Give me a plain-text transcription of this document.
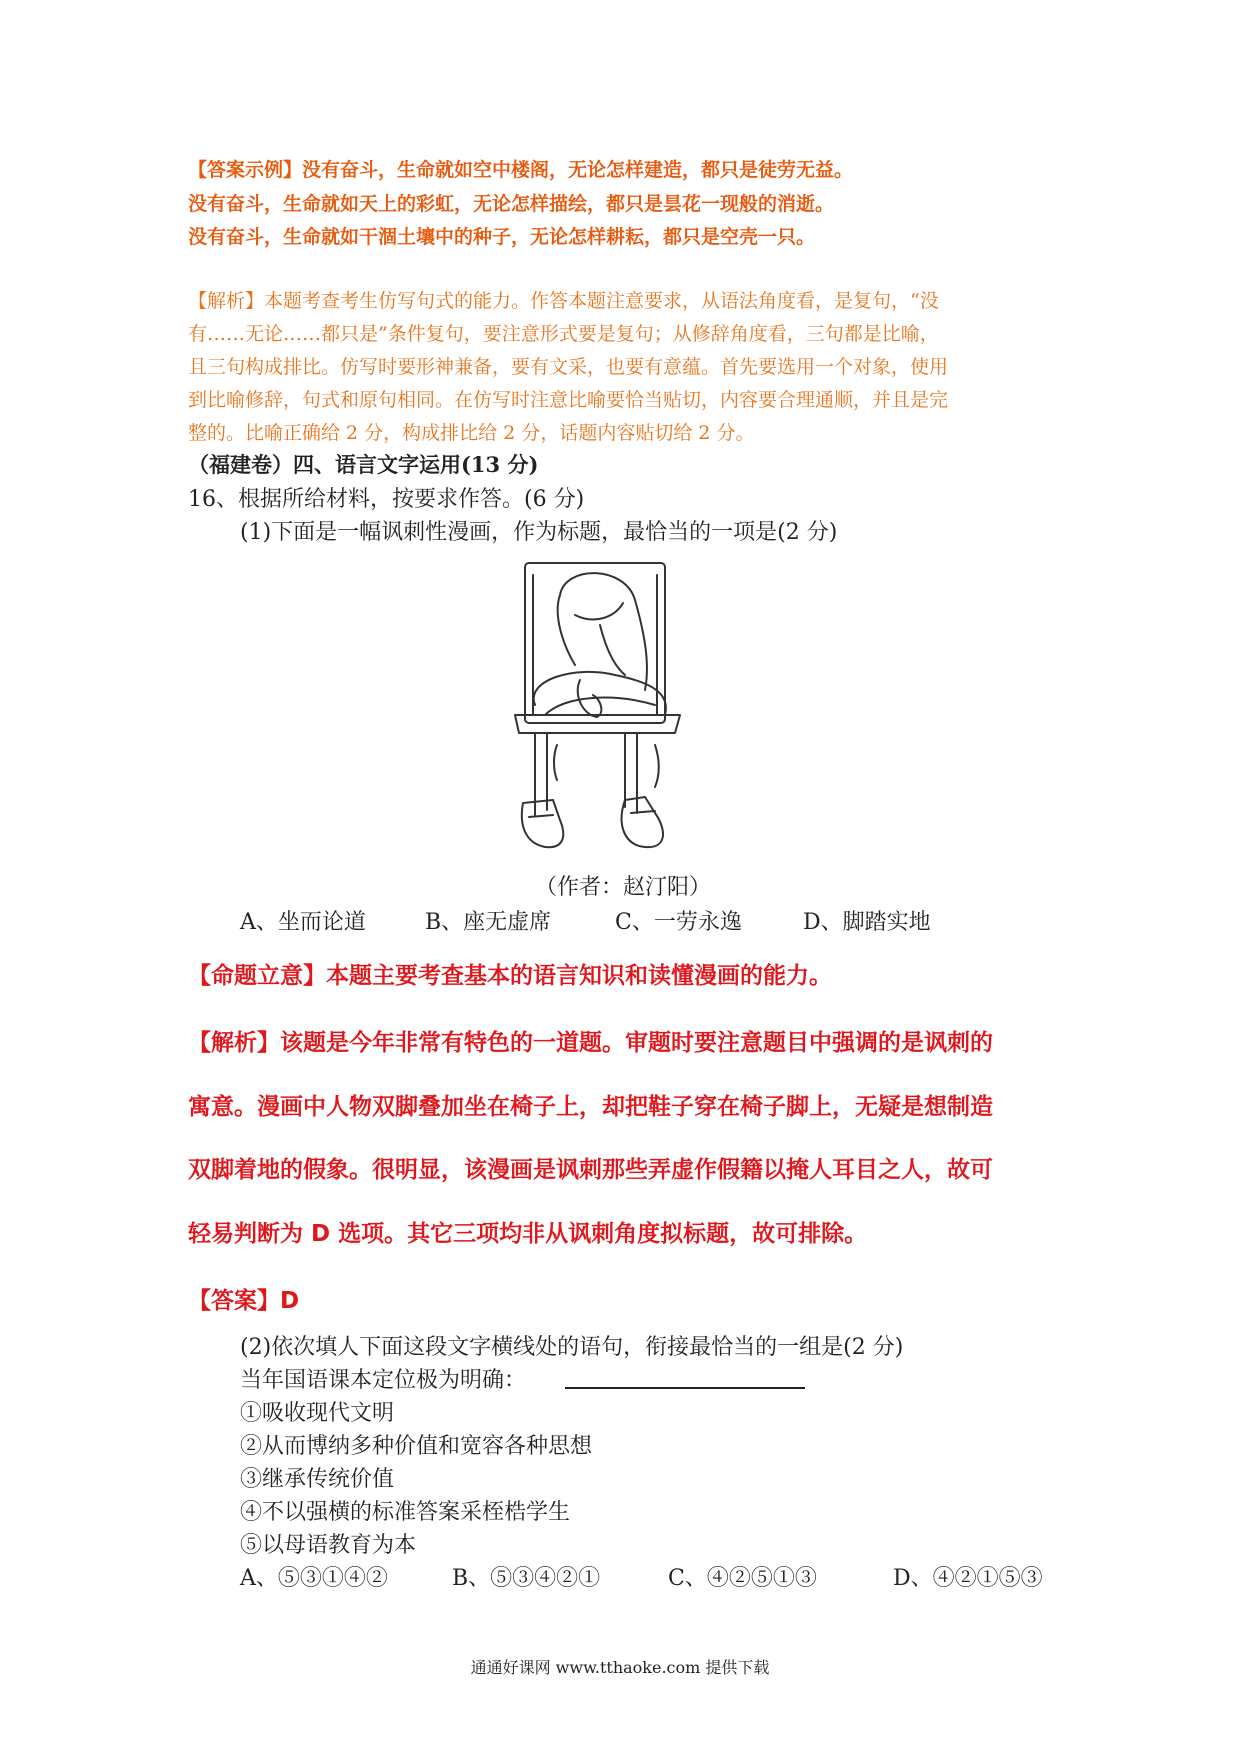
【答案示例】没有奋斗，生命就如空中楼阁，无论怎样建造，都只是徒劳无益。
没有奋斗，生命就如天上的彩虹，无论怎样描绘，都只是昙花一现般的消逝。
没有奋斗，生命就如干涸土壤中的种子，无论怎样耕耘，都只是空壳一只。
【解析】本题考查考生仿写句式的能力。作答本题注意要求，从语法角度看，是复句，“没
有……无论……都只是”条件复句，要注意形式要是复句；从修辞角度看，三句都是比喻，
且三句构成排比。仿写时要形神兼备，要有文采，也要有意蕴。首先要选用一个对象，使用
到比喻修辞，句式和原句相同。在仿写时注意比喻要恰当贴切，内容要合理通顺，并且是完
整的。比喻正确给 2 分，构成排比给 2 分，话题内容贴切给 2 分。
（福建卷）四、语言文字运用(13 分)
16、根据所给材料，按要求作答。(6 分)
(1)下面是一幅讽刺性漫画，作为标题，最恰当的一项是(2 分)
（作者：赵汀阳）
A、坐而论道	B、座无虚席	C、一劳永逸	D、脚踏实地
【命题立意】本题主要考查基本的语言知识和读懂漫画的能力。
【解析】该题是今年非常有特色的一道题。审题时要注意题目中强调的是讽刺的
寓意。漫画中人物双脚叠加坐在椅子上，却把鞋子穿在椅子脚上，无疑是想制造
双脚着地的假象。很明显，该漫画是讽刺那些弄虚作假籍以掩人耳目之人，故可
轻易判断为 D 选项。其它三项均非从讽刺角度拟标题，故可排除。
【答案】D
(2)依次填人下面这段文字横线处的语句，衔接最恰当的一组是(2 分)
当年国语课本定位极为明确：
①吸收现代文明
②从而博纳多种价值和宽容各种思想
③继承传统价值
④不以强横的标准答案采桎梏学生
⑤以母语教育为本
A、⑤③①④②	B、⑤③④②①	C、④②⑤①③	D、④②①⑤③
通通好课网 www.tthaoke.com 提供下载
